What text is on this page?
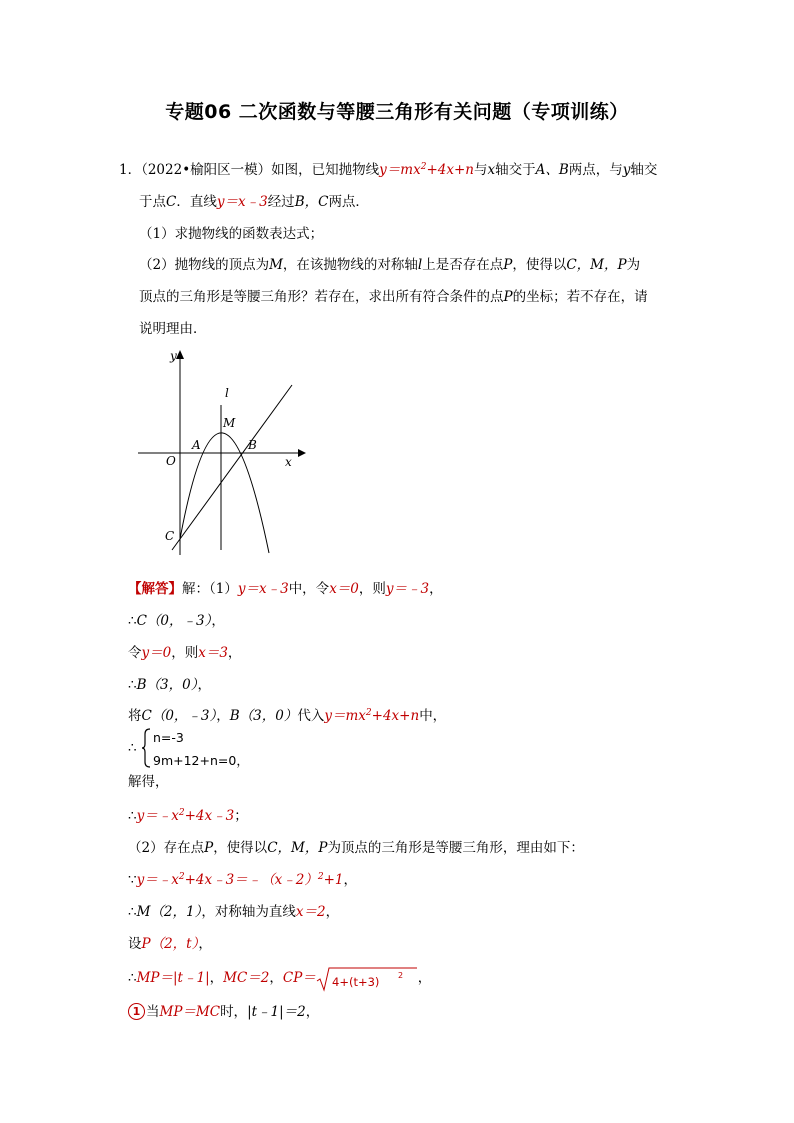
专题06 二次函数与等腰三角形有关问题（专项训练）
1．（2022•榆阳区一模）如图，已知抛物线$y=mx^2+4x+n$与x轴交于A、B两点，与y轴交
于点C．直线y＝x﹣3经过B，C两点．
（1）求抛物线的函数表达式；
（2）抛物线的顶点为M，在该抛物线的对称轴l上是否存在点P，使得以C，M，P为
顶点的三角形是等腰三角形？若存在，求出所有符合条件的点P的坐标；若不存在，请
说明理由．
y
x
l
M
A	B
O
C
【解答】解：（1）y＝x﹣3中，令x＝0，则y＝﹣3，
∴C（0，﹣3），
令y＝0，则x＝3，
∴B（3，0），
将C（0，﹣3），B（3，0）代入$y=mx^2+4x+n$中，
∴
n=-3
9m+12+n=0，
解得，
$\therefore y=﹣x^2+4x﹣3$；
（2）存在点P，使得以C，M，P为顶点的三角形是等腰三角形，理由如下：
$\because y=﹣x^2+4x﹣3=﹣(x﹣2)^2+1$，
∴M（2，1），对称轴为直线x＝2，
设P（2，t），
∴MP＝|t﹣1|，MC＝2，CP＝ 4+(t+3) 2 ，
1 当MP＝MC时，|t﹣1|＝2，
